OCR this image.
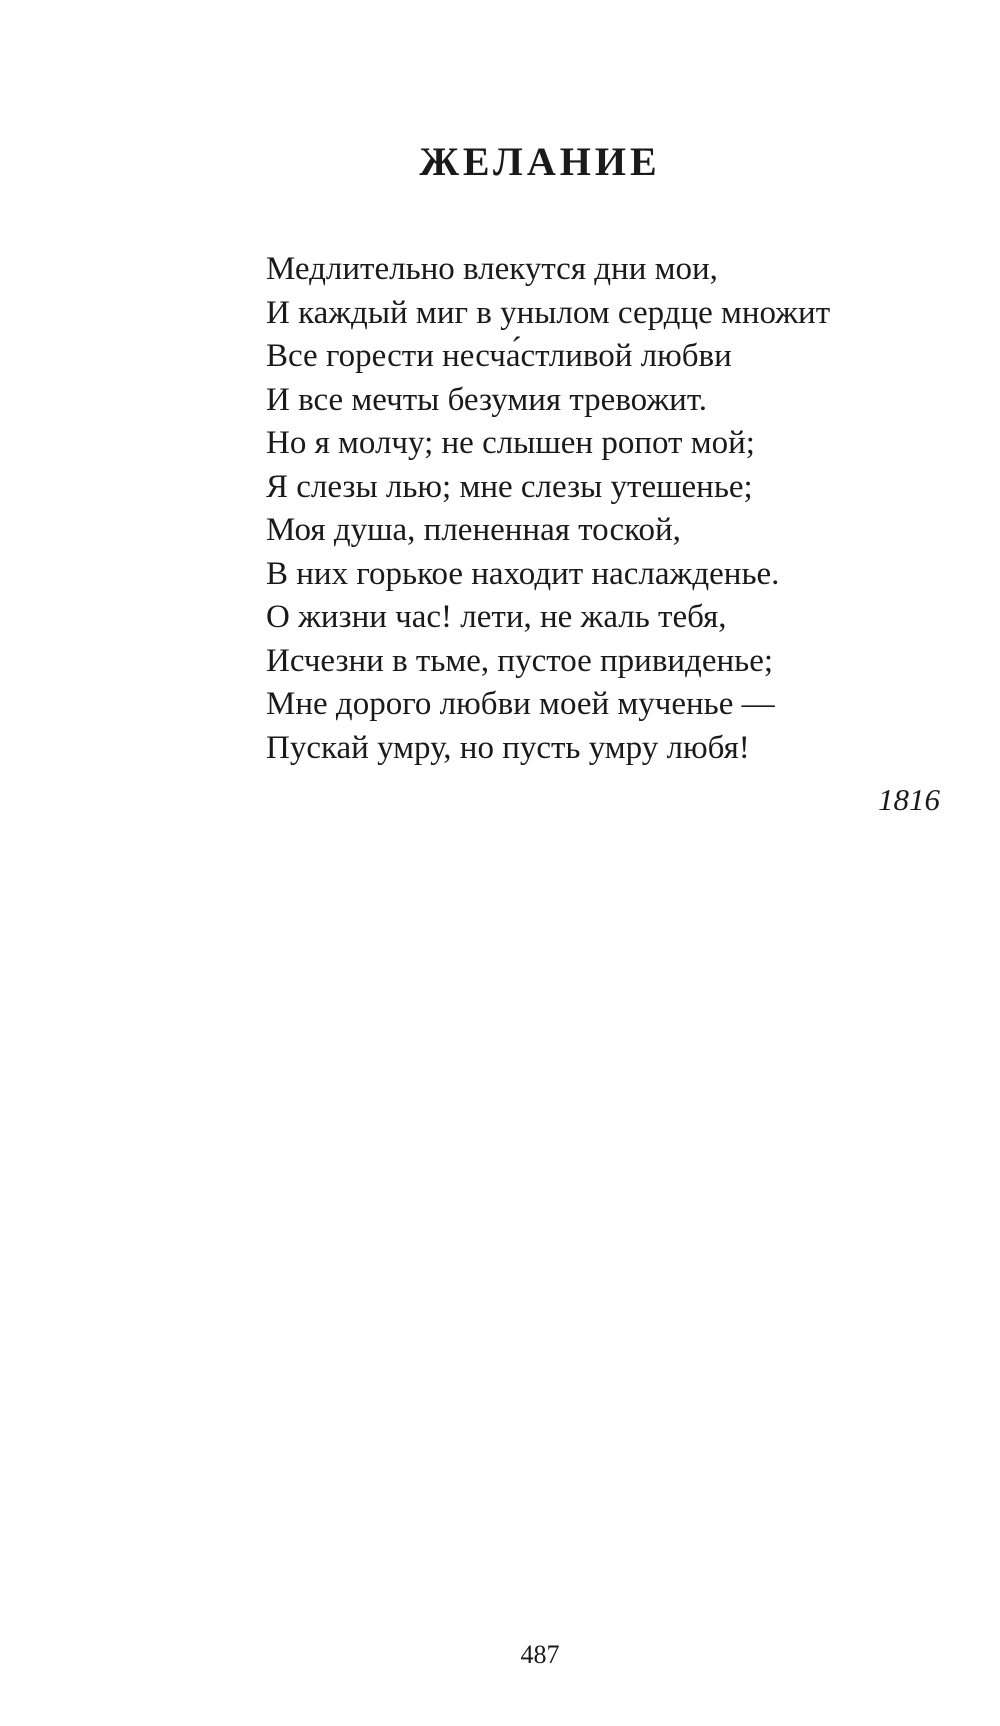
ЖЕЛАНИЕ
Медлительно влекутся дни мои,
И каждый миг в унылом сердце множит
Все горести несча́стливой любви
И все мечты безумия тревожит.
Но я молчу; не слышен ропот мой;
Я слезы лью; мне слезы утешенье;
Моя душа, плененная тоской,
В них горькое находит наслажденье.
О жизни час! лети, не жаль тебя,
Исчезни в тьме, пустое привиденье;
Мне дорого любви моей мученье —
Пускай умру, но пусть умру любя!

1816

487
